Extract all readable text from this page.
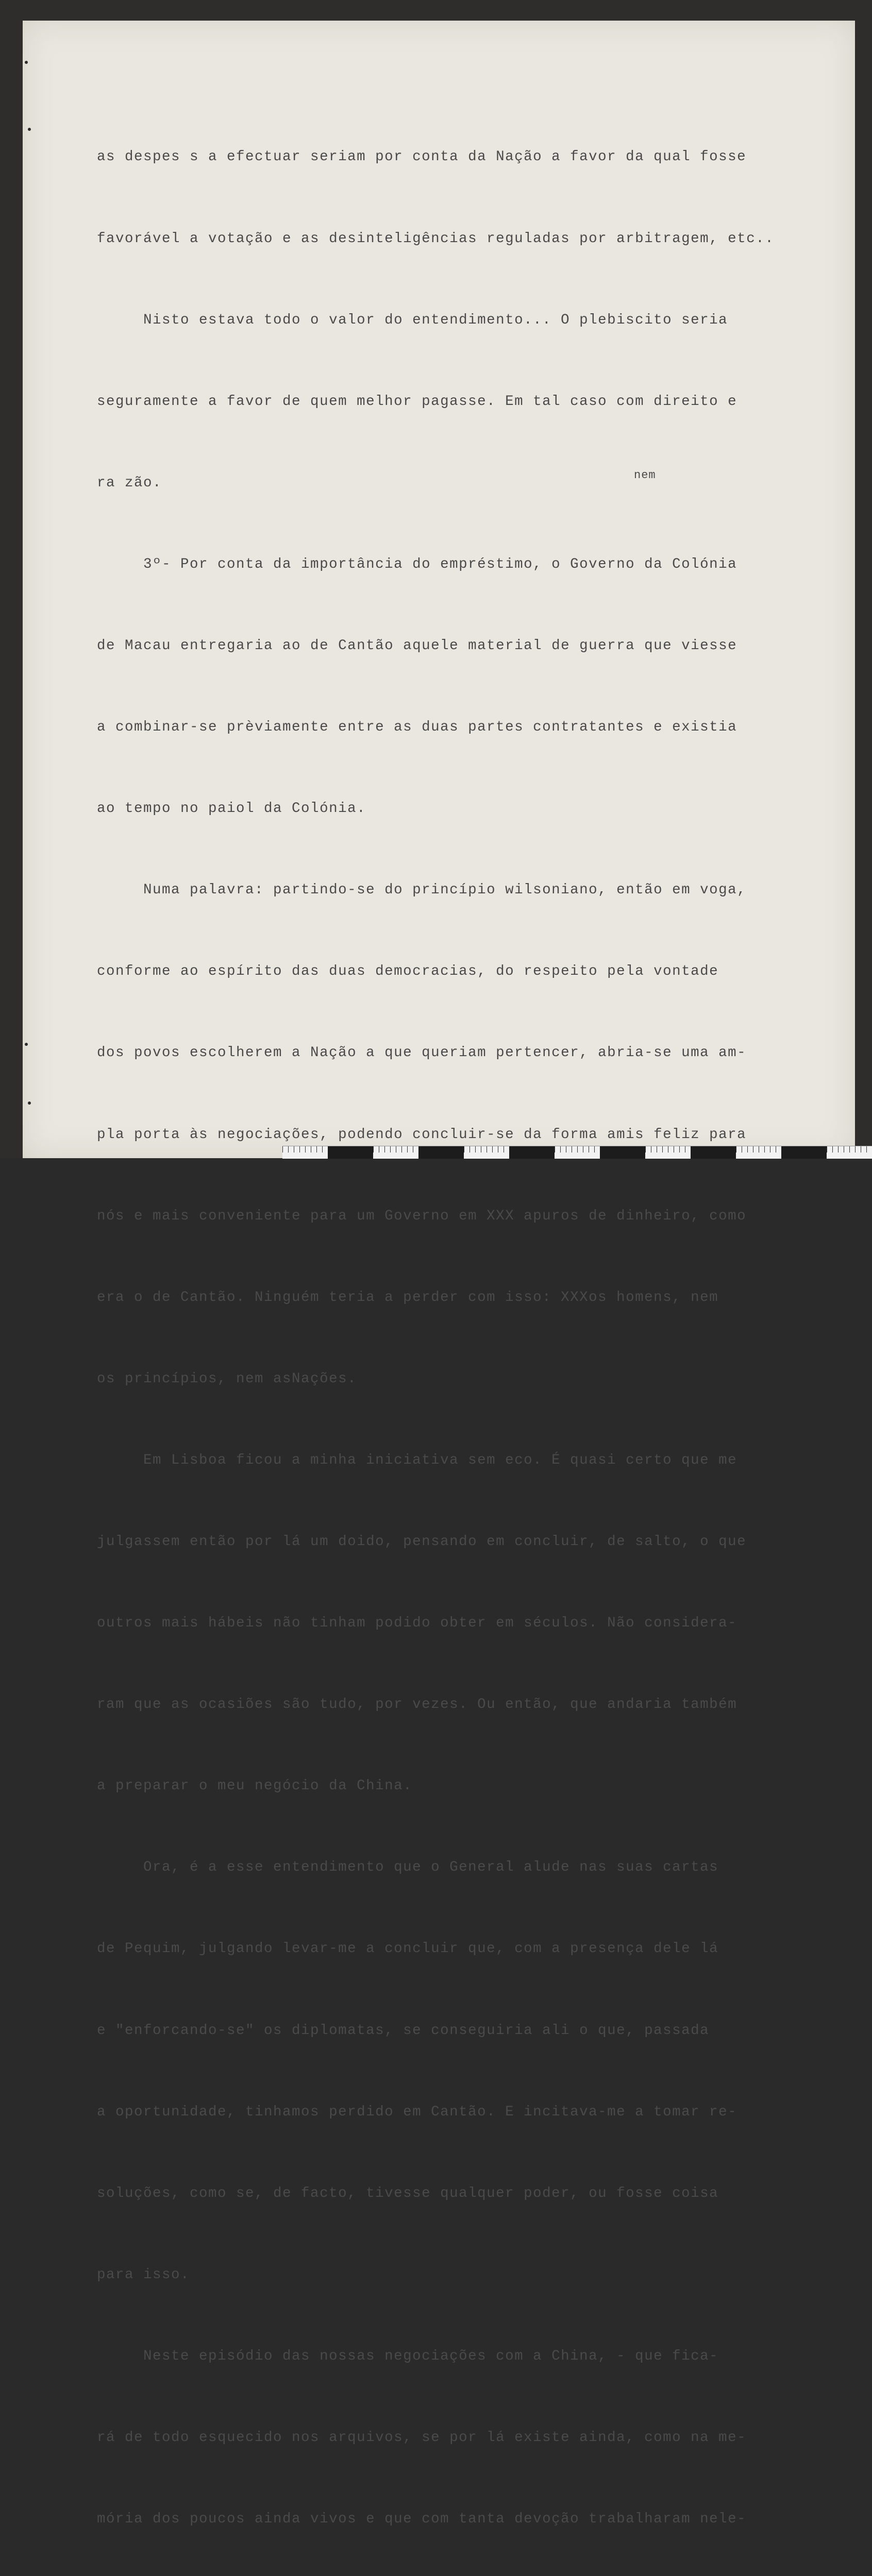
as despes s a efectuar seriam por conta da Nação a favor da qual fosse

favorável a votação e as desinteligências reguladas por arbitragem, etc..

Nisto estava todo o valor do entendimento... O plebiscito seria

seguramente a favor de quem melhor pagasse. Em tal caso com direito e

ra zão.

3º- Por conta da importância do empréstimo, o Governo da Colónia

de Macau entregaria ao de Cantão aquele material de guerra que viesse

a combinar-se prèviamente entre as duas partes contratantes e existia

ao tempo no paiol da Colónia.

Numa palavra: partindo-se do princípio wilsoniano, então em voga,

conforme ao espírito das duas democracias, do respeito pela vontade

dos povos escolherem a Nação a que queriam pertencer, abria-se uma am-

pla porta às negociações, podendo concluir-se da forma amis feliz para

nós e mais conveniente para um Governo em XXX apuros de dinheiro, como

era o de Cantão. Ninguém teria a perder com isso: XXXos homens, nem

os princípios, nem asNações.

Em Lisboa ficou a minha iniciativa sem eco. É quasi certo que me

julgassem então por lá um doido, pensando em concluir, de salto, o que

outros mais hábeis não tinham podido obter em séculos. Não considera-

ram que as ocasiões são tudo, por vezes. Ou então, que andaria também

a preparar o meu negócio da China.

Ora, é a esse entendimento que o General alude nas suas cartas

de Pequim, julgando levar-me a concluir que, com a presença dele lá

e "enforcando-se" os diplomatas, se conseguiria ali o que, passada

a oportunidade, tinhamos perdido em Cantão. E incitava-me a tomar re-

soluções, como se, de facto, tivesse qualquer poder, ou fosse coisa

para isso.

Neste episódio das nossas negociações com a China, - que fica-

rá de todo esquecido nos arquivos, se por lá existe ainda, como na me-

mória dos poucos ainda vivos e que com tanta devoção trabalharam nele-

nem
